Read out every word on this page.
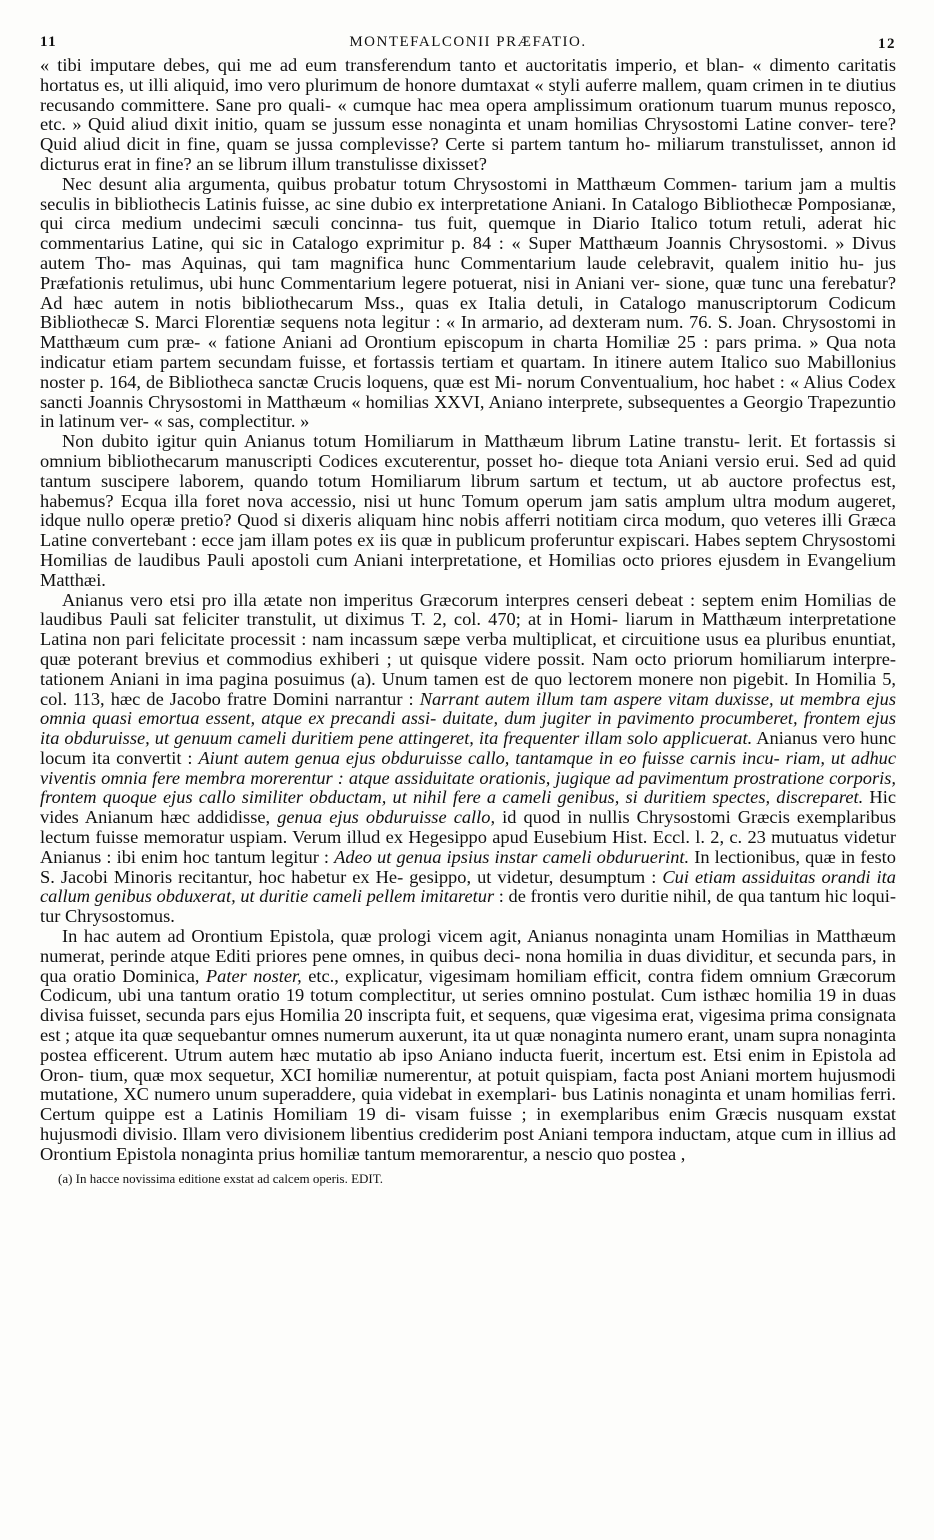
11	MONTEFALCONII PRÆFATIO.	12

« tibi imputare debes, qui me ad eum transferendum tanto et auctoritatis imperio, et blan- « dimento caritatis hortatus es, ut illi aliquid, imo vero plurimum de honore dumtaxat « styli auferre mallem, quam crimen in te diutius recusando committere. Sane pro quali- « cumque hac mea opera amplissimum orationum tuarum munus reposco, etc. » Quid aliud dixit initio, quam se jussum esse nonaginta et unam homilias Chrysostomi Latine conver- tere? Quid aliud dicit in fine, quam se jussa complevisse? Certe si partem tantum ho- miliarum transtulisset, annon id dicturus erat in fine? an se librum illum transtulisse dixisset?

Nec desunt alia argumenta, quibus probatur totum Chrysostomi in Matthæum Commen- tarium jam a multis seculis in bibliothecis Latinis fuisse, ac sine dubio ex interpretatione Aniani. In Catalogo Bibliothecæ Pomposianæ, qui circa medium undecimi sæculi concinna- tus fuit, quemque in Diario Italico totum retuli, aderat hic commentarius Latine, qui sic in Catalogo exprimitur p. 84 : « Super Matthæum Joannis Chrysostomi. » Divus autem Tho- mas Aquinas, qui tam magnifica hunc Commentarium laude celebravit, qualem initio hu- jus Præfationis retulimus, ubi hunc Commentarium legere potuerat, nisi in Aniani ver- sione, quæ tunc una ferebatur? Ad hæc autem in notis bibliothecarum Mss., quas ex Italia detuli, in Catalogo manuscriptorum Codicum Bibliothecæ S. Marci Florentiæ sequens nota legitur : « In armario, ad dexteram num. 76. S. Joan. Chrysostomi in Matthæum cum præ- « fatione Aniani ad Orontium episcopum in charta Homiliæ 25 : pars prima. » Qua nota indicatur etiam partem secundam fuisse, et fortassis tertiam et quartam. In itinere autem Italico suo Mabillonius noster p. 164, de Bibliotheca sanctæ Crucis loquens, quæ est Mi- norum Conventualium, hoc habet : « Alius Codex sancti Joannis Chrysostomi in Matthæum « homilias XXVI, Aniano interprete, subsequentes a Georgio Trapezuntio in latinum ver- « sas, complectitur. »

Non dubito igitur quin Anianus totum Homiliarum in Matthæum librum Latine transtu- lerit. Et fortassis si omnium bibliothecarum manuscripti Codices excuterentur, posset ho- dieque tota Aniani versio erui. Sed ad quid tantum suscipere laborem, quando totum Homiliarum librum sartum et tectum, ut ab auctore profectus est, habemus? Ecqua illa foret nova accessio, nisi ut hunc Tomum operum jam satis amplum ultra modum augeret, idque nullo operæ pretio? Quod si dixeris aliquam hinc nobis afferri notitiam circa modum, quo veteres illi Græca Latine convertebant : ecce jam illam potes ex iis quæ in publicum proferuntur expiscari. Habes septem Chrysostomi Homilias de laudibus Pauli apostoli cum Aniani interpretatione, et Homilias octo priores ejusdem in Evangelium Matthæi.

Anianus vero etsi pro illa ætate non imperitus Græcorum interpres censeri debeat : septem enim Homilias de laudibus Pauli sat feliciter transtulit, ut diximus T. 2, col. 470; at in Homi- liarum in Matthæum interpretatione Latina non pari felicitate processit : nam incassum sæpe verba multiplicat, et circuitione usus ea pluribus enuntiat, quæ poterant brevius et commodius exhiberi ; ut quisque videre possit. Nam octo priorum homiliarum interpre- tationem Aniani in ima pagina posuimus (a). Unum tamen est de quo lectorem monere non pigebit. In Homilia 5, col. 113, hæc de Jacobo fratre Domini narrantur : Narrant autem illum tam aspere vitam duxisse, ut membra ejus omnia quasi emortua essent, atque ex precandi assi- duitate, dum jugiter in pavimento procumberet, frontem ejus ita obduruisse, ut genuum cameli duritiem pene attingeret, ita frequenter illam solo applicuerat. Anianus vero hunc locum ita convertit : Aiunt autem genua ejus obduruisse callo, tantamque in eo fuisse carnis incu- riam, ut adhuc viventis omnia fere membra morerentur : atque assiduitate orationis, jugique ad pavimentum prostratione corporis, frontem quoque ejus callo similiter obductam, ut nihil fere a cameli genibus, si duritiem spectes, discreparet. Hic vides Anianum hæc addidisse, genua ejus obduruisse callo, id quod in nullis Chrysostomi Græcis exemplaribus lectum fuisse memoratur uspiam. Verum illud ex Hegesippo apud Eusebium Hist. Eccl. l. 2, c. 23 mutuatus videtur Anianus : ibi enim hoc tantum legitur : Adeo ut genua ipsius instar cameli obduruerint. In lectionibus, quæ in festo S. Jacobi Minoris recitantur, hoc habetur ex He- gesippo, ut videtur, desumptum : Cui etiam assiduitas orandi ita callum genibus obduxerat, ut duritie cameli pellem imitaretur : de frontis vero duritie nihil, de qua tantum hic loqui- tur Chrysostomus.

In hac autem ad Orontium Epistola, quæ prologi vicem agit, Anianus nonaginta unam Homilias in Matthæum numerat, perinde atque Editi priores pene omnes, in quibus deci- nona homilia in duas dividitur, et secunda pars, in qua oratio Dominica, Pater noster, etc., explicatur, vigesimam homiliam efficit, contra fidem omnium Græcorum Codicum, ubi una tantum oratio 19 totum complectitur, ut series omnino postulat. Cum isthæc homilia 19 in duas divisa fuisset, secunda pars ejus Homilia 20 inscripta fuit, et sequens, quæ vigesima erat, vigesima prima consignata est ; atque ita quæ sequebantur omnes numerum auxerunt, ita ut quæ nonaginta numero erant, unam supra nonaginta postea efficerent. Utrum autem hæc mutatio ab ipso Aniano inducta fuerit, incertum est. Etsi enim in Epistola ad Oron- tium, quæ mox sequetur, XCI homiliæ numerentur, at potuit quispiam, facta post Aniani mortem hujusmodi mutatione, XC numero unum superaddere, quia videbat in exemplari- bus Latinis nonaginta et unam homilias ferri. Certum quippe est a Latinis Homiliam 19 di- visam fuisse ; in exemplaribus enim Græcis nusquam exstat hujusmodi divisio. Illam vero divisionem libentius crediderim post Aniani tempora inductam, atque cum in illius ad Orontium Epistola nonaginta prius homiliæ tantum memorarentur, a nescio quo postea ,

(a) In hacce novissima editione exstat ad calcem operis. EDIT.
